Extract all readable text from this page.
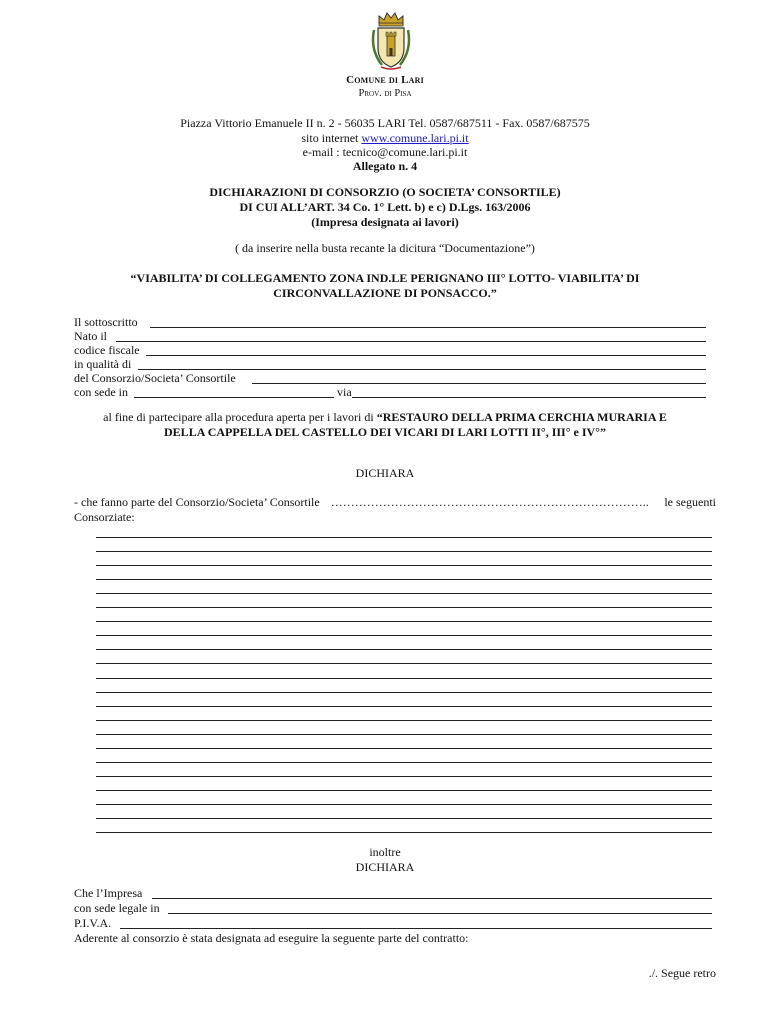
Comune di Lari
Prov. di Pisa
Piazza Vittorio Emanuele II n. 2 - 56035 LARI Tel. 0587/687511 - Fax. 0587/687575
sito internet www.comune.lari.pi.it
e-mail : tecnico@comune.lari.pi.it
Allegato n. 4
DICHIARAZIONI DI CONSORZIO (O SOCIETA’ CONSORTILE)
DI CUI ALL’ART. 34 Co. 1° Lett. b) e c) D.Lgs. 163/2006
(Impresa designata ai lavori)
( da inserire nella busta recante la dicitura “Documentazione”)
“VIABILITA’ DI COLLEGAMENTO ZONA IND.LE PERIGNANO III° LOTTO- VIABILITA’ DI
CIRCONVALLAZIONE DI PONSACCO.”
Il sottoscritto
Nato il
codice fiscale
in qualità di
del Consorzio/Societa’ Consortile
con sede in	via
al fine di partecipare alla procedura aperta per i lavori di “RESTAURO DELLA PRIMA CERCHIA MURARIA E
DELLA CAPPELLA DEL CASTELLO DEI VICARI DI LARI LOTTI II°, III° e IV°”
DICHIARA
- che fanno parte del Consorzio/Societa’ Consortile …………………………………………………………………….. le seguenti
Consorziate:
inoltre
DICHIARA
Che l’Impresa
con sede legale in
P.I.V.A.
Aderente al consorzio è stata designata ad eseguire la seguente parte del contratto:
./. Segue retro
